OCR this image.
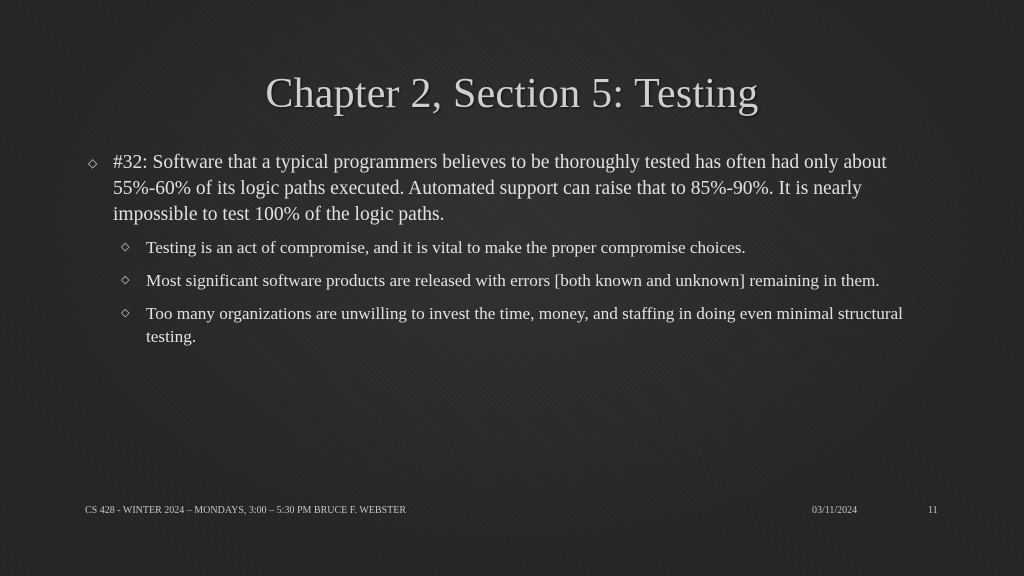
Chapter 2, Section 5: Testing
◇ #32: Software that a typical programmers believes to be thoroughly tested has often had only about 55%-60% of its logic paths executed. Automated support can raise that to 85%-90%. It is nearly impossible to test 100% of the logic paths.
◇ Testing is an act of compromise, and it is vital to make the proper compromise choices.
◇ Most significant software products are released with errors [both known and unknown] remaining in them.
◇ Too many organizations are unwilling to invest the time, money, and staffing in doing even minimal structural testing.
CS 428 - WINTER 2024 – MONDAYS, 3:00 – 5:30 PM BRUCE F. WEBSTER	03/11/2024	11
